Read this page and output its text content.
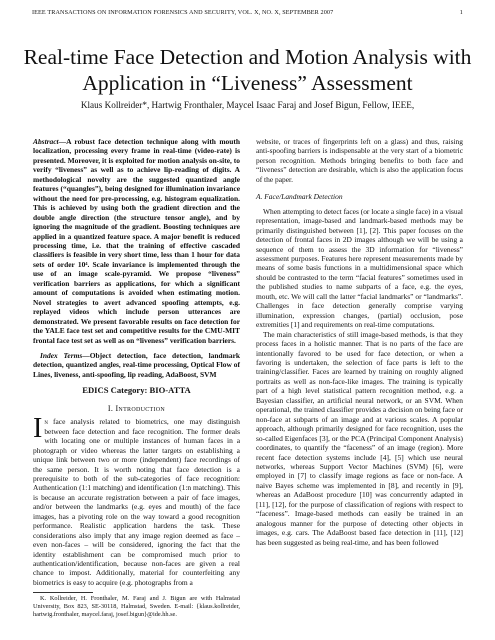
IEEE TRANSACTIONS ON INFORMATION FORENSICS AND SECURITY, VOL. X, NO. X, SEPTEMBER 2007	1
Real-time Face Detection and Motion Analysis with Application in “Liveness” Assessment
Klaus Kollreider*, Hartwig Fronthaler, Maycel Isaac Faraj and Josef Bigun, Fellow, IEEE,

Abstract—A robust face detection technique along with mouth localization, processing every frame in real-time (video-rate) is presented. Moreover, it is exploited for motion analysis on-site, to verify “liveness” as well as to achieve lip-reading of digits. A methodological novelty are the suggested quantized angle features (“quangles”), being designed for illumination invariance without the need for pre-processing, e.g. histogram equalization. This is achieved by using both the gradient direction and the double angle direction (the structure tensor angle), and by ignoring the magnitude of the gradient. Boosting techniques are applied in a quantized feature space. A major benefit is reduced processing time, i.e. that the training of effective cascaded classifiers is feasible in very short time, less than 1 hour for data sets of order 10⁴. Scale invariance is implemented through the use of an image scale-pyramid. We propose “liveness” verification barriers as applications, for which a significant amount of computations is avoided when estimating motion. Novel strategies to avert advanced spoofing attempts, e.g. replayed videos which include person utterances are demonstrated. We present favorable results on face detection for the YALE face test set and competitive results for the CMU-MIT frontal face test set as well as on “liveness” verification barriers.

Index Terms—Object detection, face detection, landmark detection, quantized angles, real-time processing, Optical Flow of Lines, liveness, anti-spoofing, lip reading, AdaBoost, SVM

EDICS Category: BIO-ATTA
I. Introduction

In face analysis related to biometrics, one may distinguish between face detection and face recognition. The former deals with locating one or multiple instances of human faces in a photograph or video whereas the latter targets on establishing a unique link between two or more (independent) face recordings of the same person. It is worth noting that face detection is a prerequisite to both of the sub-categories of face recognition: Authentication (1:1 matching) and identification (1:n matching). This is because an accurate registration between a pair of face images, and/or between the landmarks (e.g. eyes and mouth) of the face images, has a pivoting role on the way toward a good recognition performance. Realistic application hardens the task. These considerations also imply that any image region deemed as face – even non-faces – will be considered, ignoring the fact that the identity establishment can be compromised much prior to authentication/identification, because non-faces are given a real chance to impost. Additionally, material for counterfeiting any biometrics is easy to acquire (e.g. photographs from a

K. Kollreider, H. Fronthaler, M. Faraj and J. Bigun are with Halmstad University, Box 823, SE-30118, Halmstad, Sweden. E-mail: {klaus.kollreider, hartwig.fronthaler, maycel.faraj, josef.bigun}@ide.hh.se.

website, or traces of fingerprints left on a glass) and thus, raising anti-spoofing barriers is indispensable at the very start of a biometric person recognition. Methods bringing benefits to both face and “liveness” detection are desirable, which is also the application focus of the paper.

A. Face/Landmark Detection

When attempting to detect faces (or locate a single face) in a visual representation, image-based and landmark-based methods may be primarily distinguished between [1], [2]. This paper focuses on the detection of frontal faces in 2D images although we will be using a sequence of them to assess the 3D information for “liveness” assessment purposes. Features here represent measurements made by means of some basis functions in a multidimensional space which should be contrasted to the term “facial features” sometimes used in the published studies to name subparts of a face, e.g. the eyes, mouth, etc. We will call the latter “facial landmarks” or “landmarks”. Challenges in face detection generally comprise varying illumination, expression changes, (partial) occlusion, pose extremities [1] and requirements on real-time computations.

The main characteristics of still image-based methods, is that they process faces in a holistic manner. That is no parts of the face are intentionally favored to be used for face detection, or when a favoring is undertaken, the selection of face parts is left to the training/classifier. Faces are learned by training on roughly aligned portraits as well as non-face-like images. The training is typically part of a high level statistical pattern recognition method, e.g. a Bayesian classifier, an artificial neural network, or an SVM. When operational, the trained classifier provides a decision on being face or non-face at subparts of an image and at various scales. A popular approach, although primarily designed for face recognition, uses the so-called Eigenfaces [3], or the PCA (Principal Component Analysis) coordinates, to quantify the “faceness” of an image (region). More recent face detection systems include [4], [5] which use neural networks, whereas Support Vector Machines (SVM) [6], were employed in [7] to classify image regions as face or non-face. A naive Bayes scheme was implemented in [8], and recently in [9], whereas an AdaBoost procedure [10] was concurrently adapted in [11], [12], for the purpose of classification of regions with respect to “faceness”. Image-based methods can easily be trained in an analogous manner for the purpose of detecting other objects in images, e.g. cars. The AdaBoost based face detection in [11], [12] has been suggested as being real-time, and has been followed
